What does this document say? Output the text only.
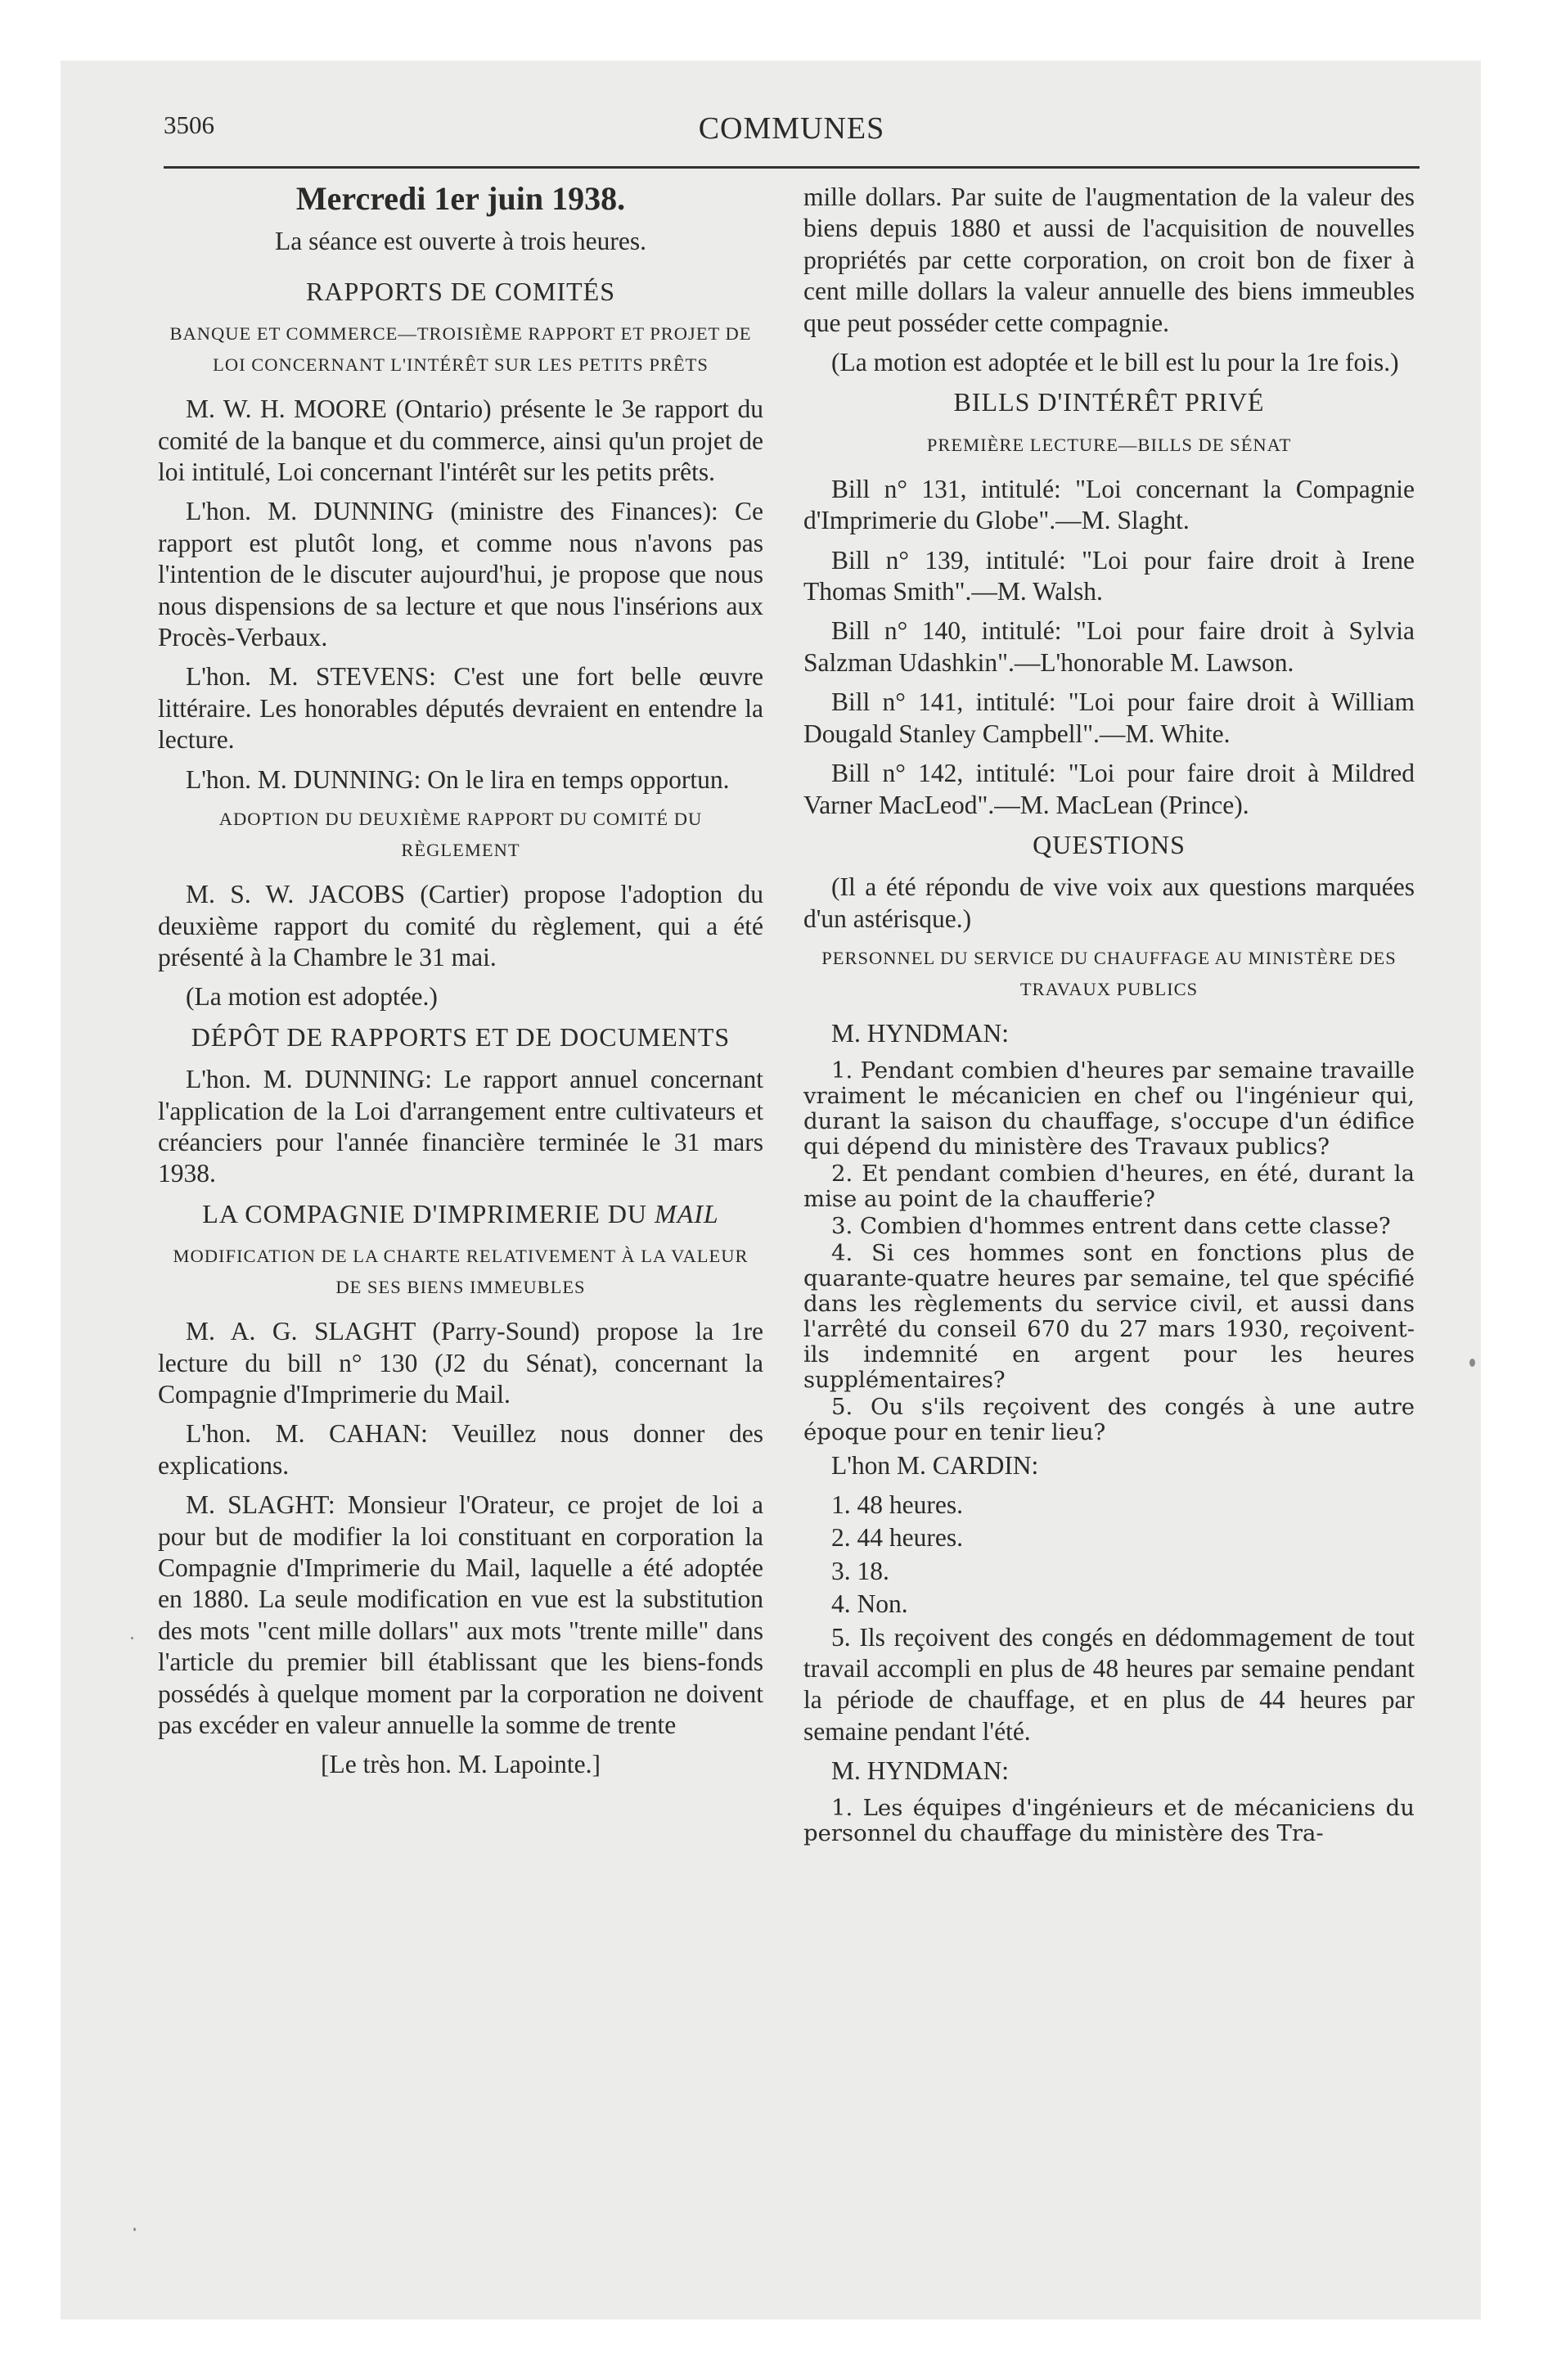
3506	COMMUNES

Mercredi 1er juin 1938.

La séance est ouverte à trois heures.

RAPPORTS DE COMITÉS
BANQUE ET COMMERCE—TROISIÈME RAPPORT ET PROJET DE LOI CONCERNANT L'INTÉRÊT SUR LES PETITS PRÊTS

M. W. H. MOORE (Ontario) présente le 3e rapport du comité de la banque et du commerce, ainsi qu'un projet de loi intitulé, Loi concernant l'intérêt sur les petits prêts.

L'hon. M. DUNNING (ministre des Finances): Ce rapport est plutôt long, et comme nous n'avons pas l'intention de le discuter aujourd'hui, je propose que nous nous dispensions de sa lecture et que nous l'insérions aux Procès-Verbaux.

L'hon. M. STEVENS: C'est une fort belle œuvre littéraire. Les honorables députés devraient en entendre la lecture.

L'hon. M. DUNNING: On le lira en temps opportun.

ADOPTION DU DEUXIÈME RAPPORT DU COMITÉ DU RÈGLEMENT

M. S. W. JACOBS (Cartier) propose l'adoption du deuxième rapport du comité du règlement, qui a été présenté à la Chambre le 31 mai.

(La motion est adoptée.)

DÉPÔT DE RAPPORTS ET DE DOCUMENTS

L'hon. M. DUNNING: Le rapport annuel concernant l'application de la Loi d'arrangement entre cultivateurs et créanciers pour l'année financière terminée le 31 mars 1938.

LA COMPAGNIE D'IMPRIMERIE DU MAIL
MODIFICATION DE LA CHARTE RELATIVEMENT À LA VALEUR DE SES BIENS IMMEUBLES

M. A. G. SLAGHT (Parry-Sound) propose la 1re lecture du bill n° 130 (J2 du Sénat), concernant la Compagnie d'Imprimerie du Mail.

L'hon. M. CAHAN: Veuillez nous donner des explications.

M. SLAGHT: Monsieur l'Orateur, ce projet de loi a pour but de modifier la loi constituant en corporation la Compagnie d'Imprimerie du Mail, laquelle a été adoptée en 1880. La seule modification en vue est la substitution des mots "cent mille dollars" aux mots "trente mille" dans l'article du premier bill établissant que les biens-fonds possédés à quelque moment par la corporation ne doivent pas excéder en valeur annuelle la somme de trente

[Le très hon. M. Lapointe.]

mille dollars. Par suite de l'augmentation de la valeur des biens depuis 1880 et aussi de l'acquisition de nouvelles propriétés par cette corporation, on croit bon de fixer à cent mille dollars la valeur annuelle des biens immeubles que peut posséder cette compagnie.

(La motion est adoptée et le bill est lu pour la 1re fois.)

BILLS D'INTÉRÊT PRIVÉ
PREMIÈRE LECTURE—BILLS DE SÉNAT

Bill n° 131, intitulé: "Loi concernant la Compagnie d'Imprimerie du Globe".—M. Slaght.

Bill n° 139, intitulé: "Loi pour faire droit à Irene Thomas Smith".—M. Walsh.

Bill n° 140, intitulé: "Loi pour faire droit à Sylvia Salzman Udashkin".—L'honorable M. Lawson.

Bill n° 141, intitulé: "Loi pour faire droit à William Dougald Stanley Campbell".—M. White.

Bill n° 142, intitulé: "Loi pour faire droit à Mildred Varner MacLeod".—M. MacLean (Prince).

QUESTIONS

(Il a été répondu de vive voix aux questions marquées d'un astérisque.)

PERSONNEL DU SERVICE DU CHAUFFAGE AU MINISTÈRE DES TRAVAUX PUBLICS

M. HYNDMAN:

1. Pendant combien d'heures par semaine travaille vraiment le mécanicien en chef ou l'ingénieur qui, durant la saison du chauffage, s'occupe d'un édifice qui dépend du ministère des Travaux publics?

2. Et pendant combien d'heures, en été, durant la mise au point de la chaufferie?

3. Combien d'hommes entrent dans cette classe?

4. Si ces hommes sont en fonctions plus de quarante-quatre heures par semaine, tel que spécifié dans les règlements du service civil, et aussi dans l'arrêté du conseil 670 du 27 mars 1930, reçoivent-ils indemnité en argent pour les heures supplémentaires?

5. Ou s'ils reçoivent des congés à une autre époque pour en tenir lieu?

L'hon M. CARDIN:

1. 48 heures.

2. 44 heures.

3. 18.

4. Non.

5. Ils reçoivent des congés en dédommagement de tout travail accompli en plus de 48 heures par semaine pendant la période de chauffage, et en plus de 44 heures par semaine pendant l'été.

M. HYNDMAN:

1. Les équipes d'ingénieurs et de mécaniciens du personnel du chauffage du ministère des Tra-
